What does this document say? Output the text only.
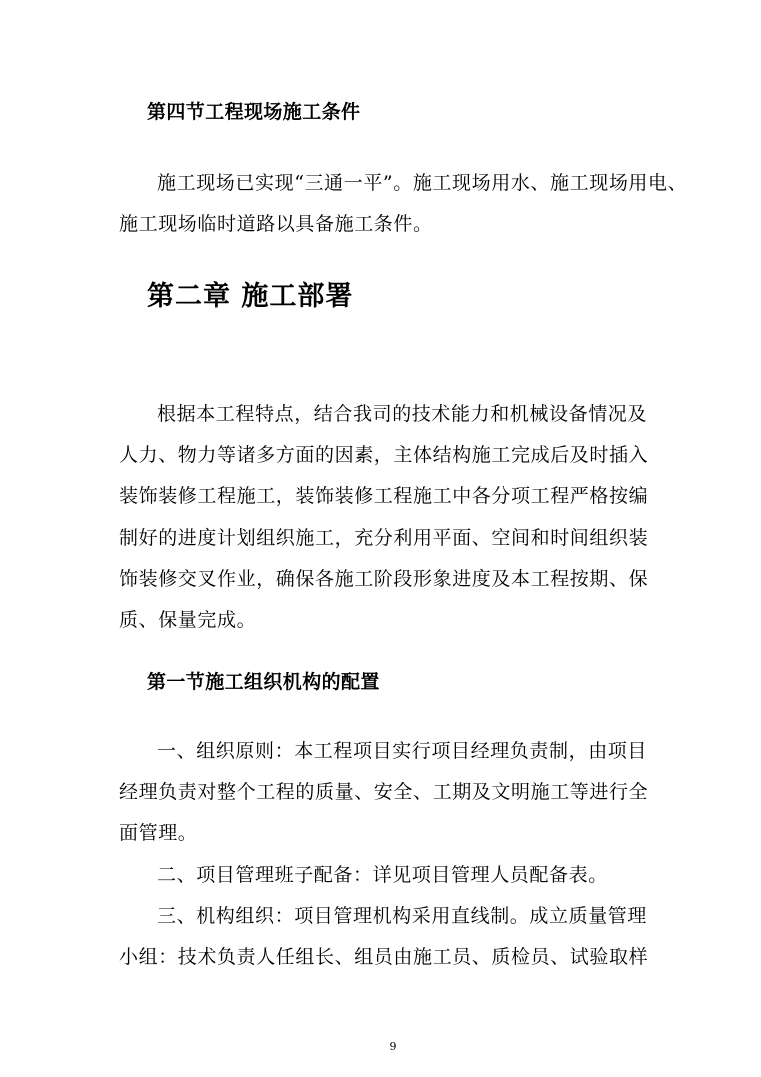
第四节工程现场施工条件
施工现场已实现“三通一平”。施工现场用水、施工现场用电、
施工现场临时道路以具备施工条件。
第二章 施工部署
根据本工程特点，结合我司的技术能力和机械设备情况及
人力、物力等诸多方面的因素，主体结构施工完成后及时插入
装饰装修工程施工，装饰装修工程施工中各分项工程严格按编
制好的进度计划组织施工，充分利用平面、空间和时间组织装
饰装修交叉作业，确保各施工阶段形象进度及本工程按期、保
质、保量完成。
第一节施工组织机构的配置
一、组织原则：本工程项目实行项目经理负责制，由项目
经理负责对整个工程的质量、安全、工期及文明施工等进行全
面管理。
二、项目管理班子配备：详见项目管理人员配备表。
三、机构组织：项目管理机构采用直线制。成立质量管理
小组：技术负责人任组长、组员由施工员、质检员、试验取样
9
